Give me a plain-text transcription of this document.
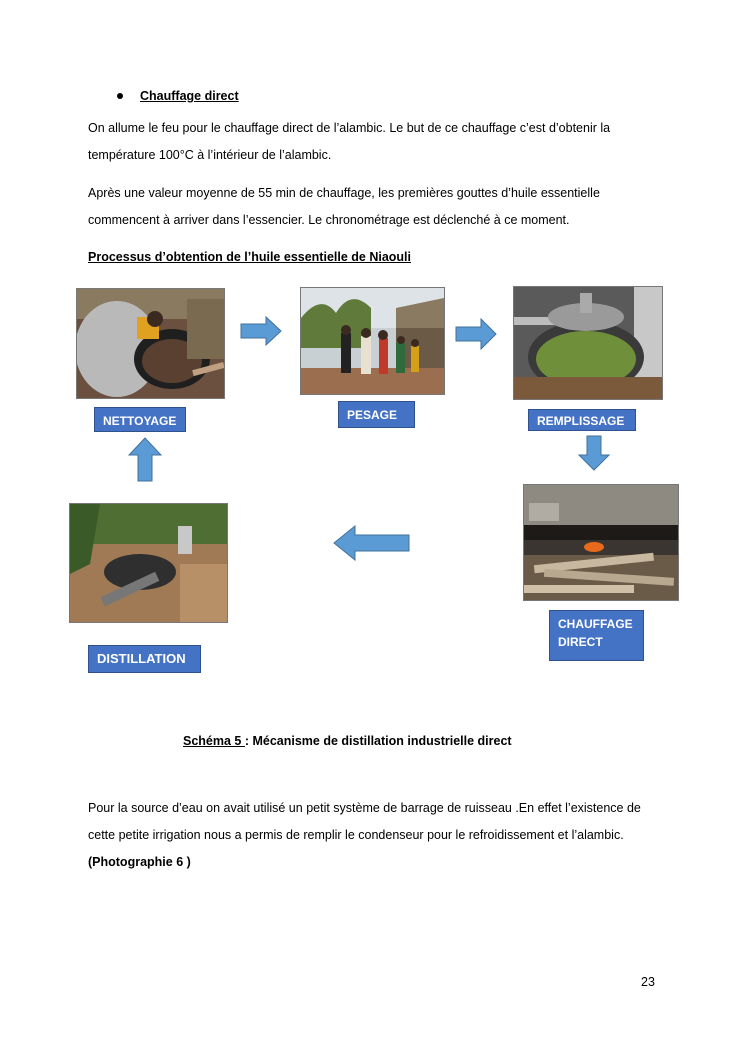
Chauffage direct
On allume le feu pour le chauffage direct de l’alambic. Le but de ce chauffage c’est d’obtenir la température 100°C à l’intérieur de l’alambic.
Après une valeur moyenne de 55 min de chauffage, les premières gouttes d’huile essentielle commencent à arriver dans l’essencier. Le chronométrage est déclenché à ce moment.
Processus d’obtention de l’huile essentielle de Niaouli
NETTOYAGE	PESAGE	REMPLISSAGE
CHAUFFAGE
DIRECT
DISTILLATION
Schéma 5 : Mécanisme de distillation industrielle direct
Pour la source d’eau on avait utilisé un petit système de barrage de ruisseau .En effet l’existence de cette petite irrigation nous a permis de remplir le condenseur pour le refroidissement et l’alambic. (Photographie 6 )
23
